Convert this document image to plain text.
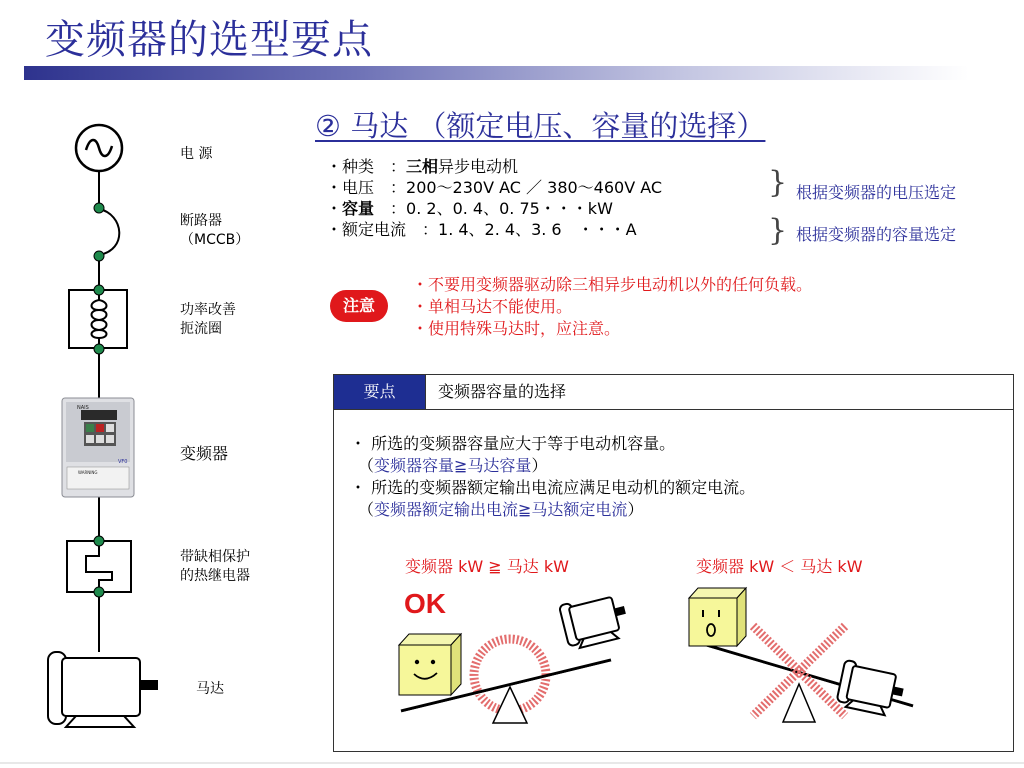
变频器的选型要点
NAIS
VF0
WARNING
电 源
断路器
（MCCB）
功率改善
扼流圈
变频器
带缺相保护
的热继电器
马达
② 马达 （额定电压、容量的选择）
・种类　：三相异步电动机
・电压　：200～230V AC ／ 380～460V AC
・容量　：0. 2、0. 4、0. 75・・・kW
・额定电流　：1. 4、2. 4、3. 6　・・・A
} 根据变频器的电压选定
} 根据变频器的容量选定
注意
・不要用变频器驱动除三相异步电动机以外的任何负载。
・单相马达不能使用。
・使用特殊马达时，应注意。
要点	变频器容量的选择
・ 所选的变频器容量应大于等于电动机容量。
　（变频器容量≧马达容量）
・ 所选的变频器额定输出电流应满足电动机的额定电流。
　（变频器额定输出电流≧马达额定电流）
变频器 kW ≧ 马达 kW	变频器 kW ＜ 马达 kW
OK
